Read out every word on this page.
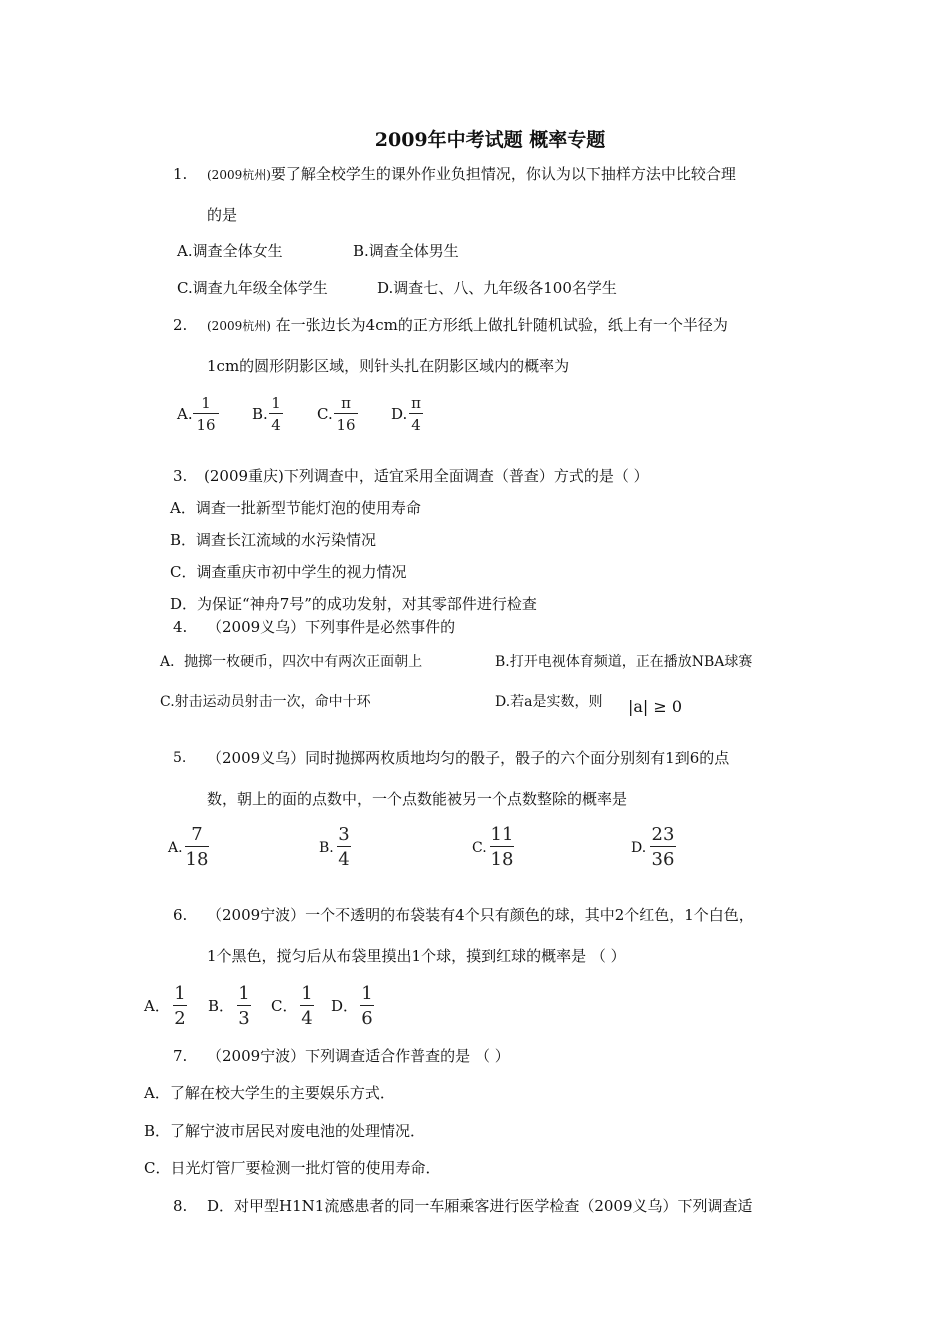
2009年中考试题 概率专题
1. (2009杭州)要了解全校学生的课外作业负担情况，你认为以下抽样方法中比较合理
的是
A.调查全体女生	B.调查全体男生
C.调查九年级全体学生	D.调查七、八、九年级各100名学生
2. (2009杭州) 在一张边长为4cm的正方形纸上做扎针随机试验，纸上有一个半径为
1cm的圆形阴影区域，则针头扎在阴影区域内的概率为
A.
1
16
B.
1
4
C.
π
16
D.
π
4
3. (2009重庆)下列调查中，适宜采用全面调查（普查）方式的是（ ）
A．调查一批新型节能灯泡的使用寿命
B．调查长江流域的水污染情况
C．调查重庆市初中学生的视力情况
D．为保证“神舟7号”的成功发射，对其零部件进行检查
4. （2009义乌）下列事件是必然事件的
A．抛掷一枚硬币，四次中有两次正面朝上	B.打开电视体育频道，正在播放NBA球赛
C.射击运动员射击一次，命中十环	D.若a是实数，则 |a| ≥ 0
5. （2009义乌）同时抛掷两枚质地均匀的骰子，骰子的六个面分别刻有1到6的点
数，朝上的面的点数中，一个点数能被另一个点数整除的概率是
A.
7
18
B.
3
4
C.
11
18
D.
23
36
6. （2009宁波）一个不透明的布袋装有4个只有颜色的球，其中2个红色，1个白色，
1个黑色，搅匀后从布袋里摸出1个球，摸到红球的概率是 （ ）
A．
1
2
B．
1
3
C．
1
4
D．
1
6
7. （2009宁波）下列调查适合作普查的是 （ ）
A．了解在校大学生的主要娱乐方式．
B．了解宁波市居民对废电池的处理情况．
C．日光灯管厂要检测一批灯管的使用寿命．
8. D．对甲型H1N1流感患者的同一车厢乘客进行医学检查（2009义乌）下列调查适
